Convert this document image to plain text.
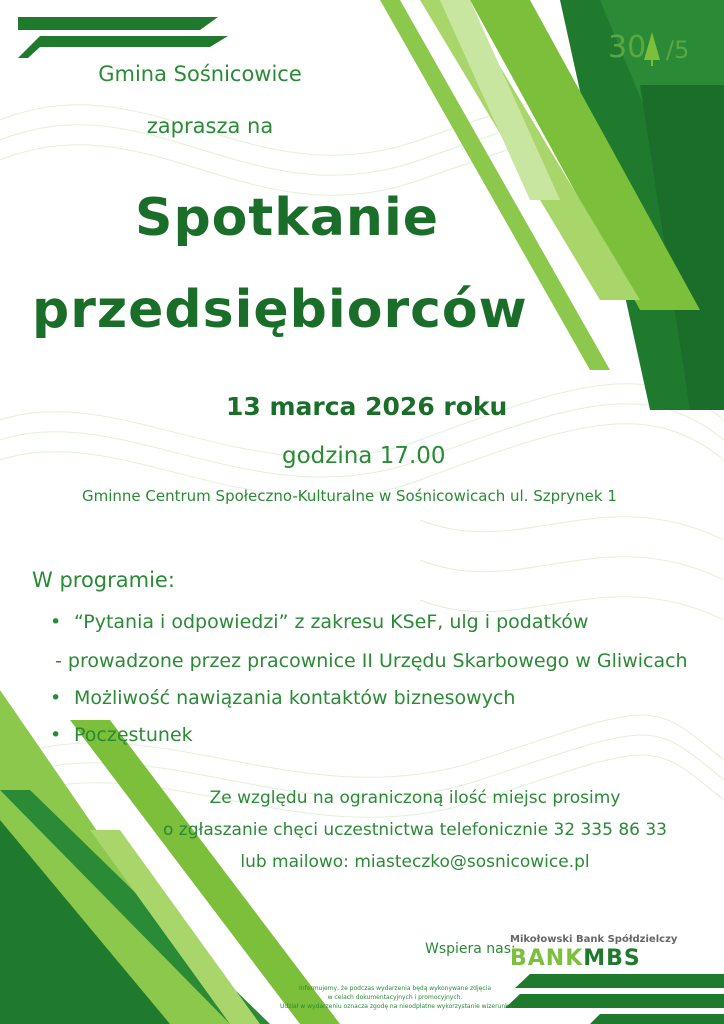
30 /5
Gmina Sośnicowice
zaprasza na
Spotkanie
przedsiębiorców
13 marca 2026 roku
godzina 17.00
Gminne Centrum Społeczno-Kulturalne w Sośnicowicach ul. Szprynek 1
W programie:
• “Pytania i odpowiedzi” z zakresu KSeF, ulg i podatków
- prowadzone przez pracownice II Urzędu Skarbowego w Gliwicach
• Możliwość nawiązania kontaktów biznesowych
• Poczęstunek
Ze względu na ograniczoną ilość miejsc prosimy
o zgłaszanie chęci uczestnictwa telefonicznie 32 335 86 33
lub mailowo: miasteczko@sosnicowice.pl
Wspiera nas:
Mikołowski Bank Spółdzielczy
BANKMBS
Informujemy, że podczas wydarzenia będą wykonywane zdjęcia
w celach dokumentacyjnych i promocyjnych.
Udział w wydarzeniu oznacza zgodę na nieodpłatne wykorzystanie wizerunku.
